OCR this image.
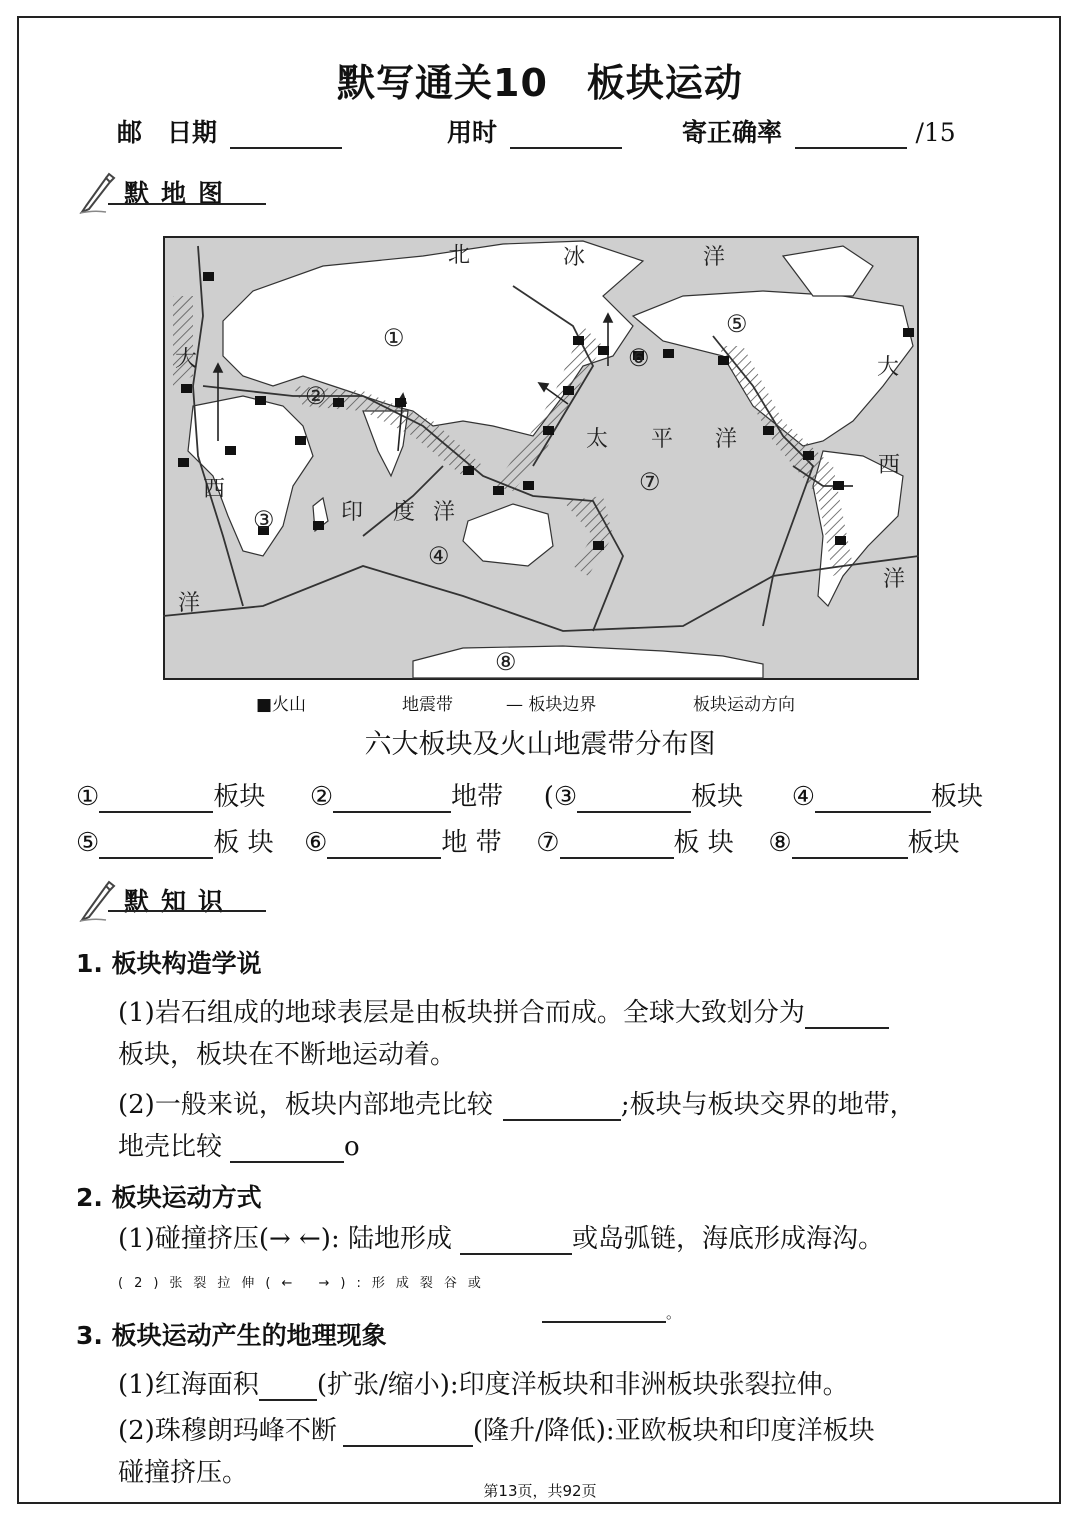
默写通关10　板块运动
邮　日期	用时	寄正确率	/15
默地图
北	冰	洋
大
西
洋
大
西
洋
太 平 洋
印 度 洋
①
②
③
④
⑤
⑥
⑦
⑧
■火山	地震带	— 板块边界	板块运动方向
六大板块及火山地震带分布图
①	板块 ②	地带 (③	板块 ④	板块
⑤	板 块 ⑥	地 带 ⑦	板 块 ⑧	板块
默知识
1. 板块构造学说
(1)岩石组成的地球表层是由板块拼合而成。全球大致划分为
板块，板块在不断地运动着。
(2)一般来说，板块内部地壳比较	;板块与板块交界的地带，
地壳比较	o
2. 板块运动方式
(1)碰撞挤压(→ ←): 陆地形成	或岛弧链，海底形成海沟。
(2)张裂拉伸(← →):形成裂谷或
。
3. 板块运动产生的地理现象
(1)红海面积 (扩张/缩小):印度洋板块和非洲板块张裂拉伸。
(2)珠穆朗玛峰不断	(隆升/降低):亚欧板块和印度洋板块
碰撞挤压。
第13页，共92页
